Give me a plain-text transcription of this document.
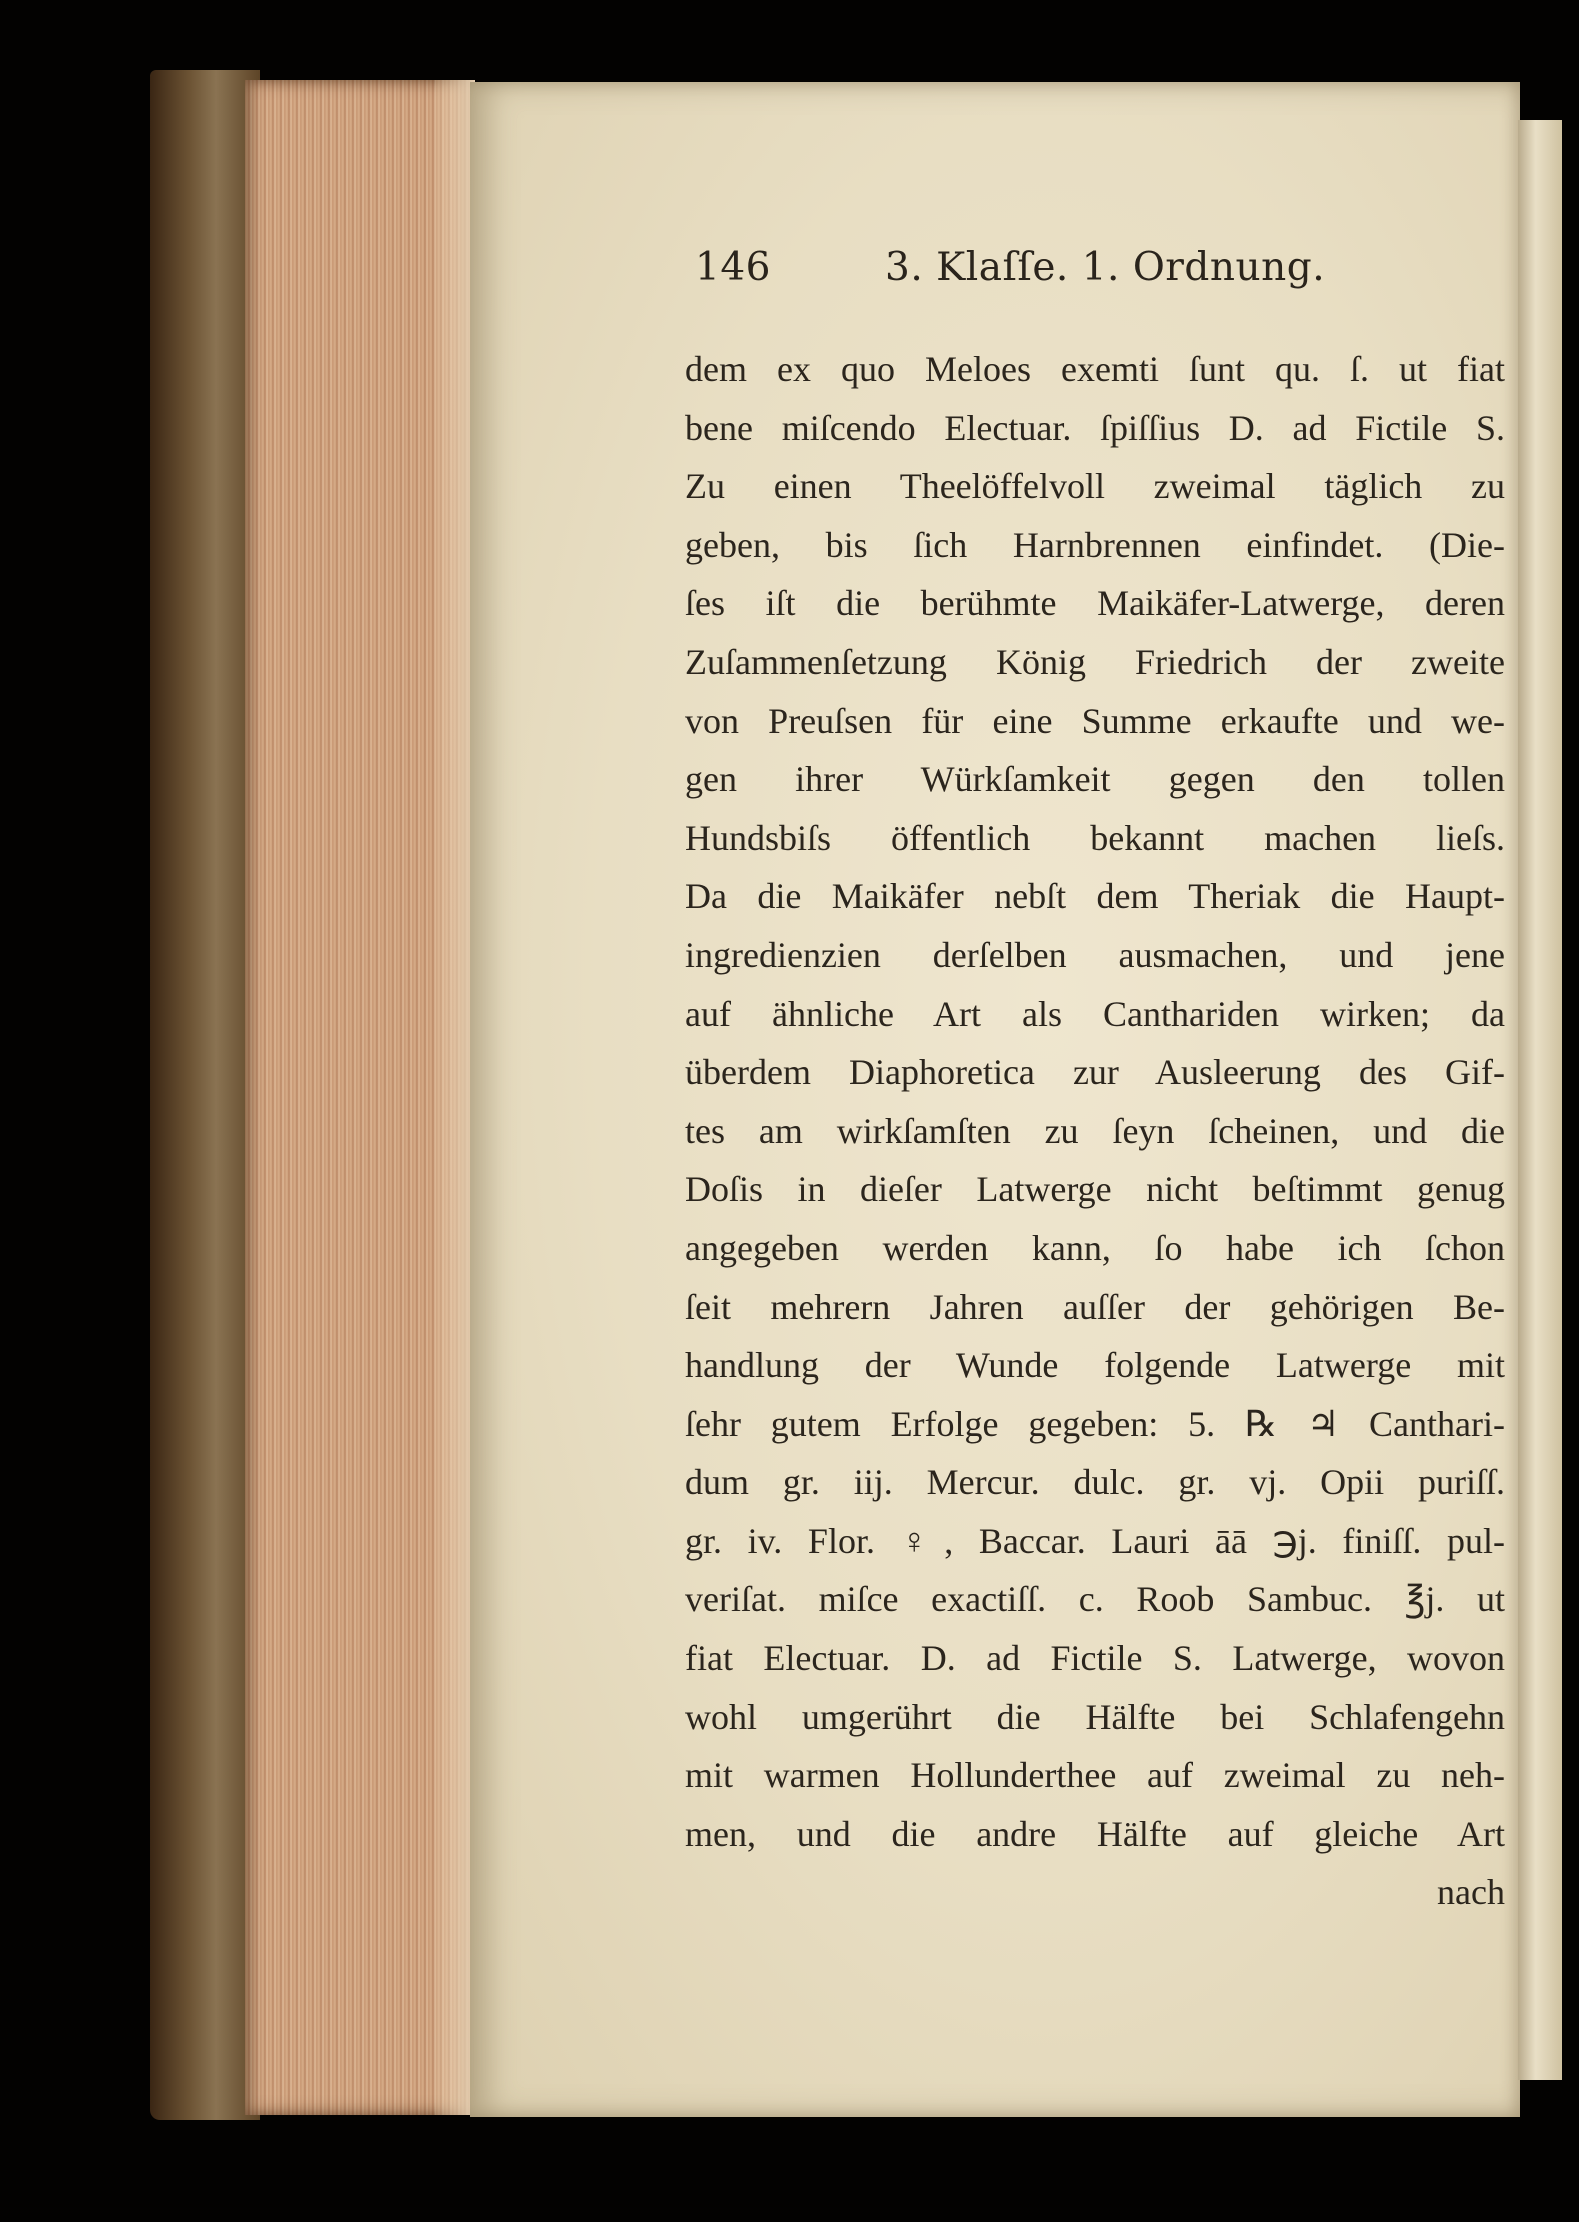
146	3. Klaſſe. 1. Ordnung.
dem ex quo Meloes exemti ſunt qu. ſ. ut fiat
bene miſcendo Electuar. ſpiſſius D. ad Fictile S.
Zu einen Theelöffelvoll zweimal täglich zu
geben, bis ſich Harnbrennen einfindet. (Die-
ſes iſt die berühmte Maikäfer-Latwerge, deren
Zuſammenſetzung König Friedrich der zweite
von Preuſsen für eine Summe erkaufte und we-
gen ihrer Würkſamkeit gegen den tollen
Hundsbiſs öffentlich bekannt machen lieſs.
Da die Maikäfer nebſt dem Theriak die Haupt-
ingredienzien derſelben ausmachen, und jene
auf ähnliche Art als Canthariden wirken; da
überdem Diaphoretica zur Ausleerung des Gif-
tes am wirkſamſten zu ſeyn ſcheinen, und die
Doſis in dieſer Latwerge nicht beſtimmt genug
angegeben werden kann, ſo habe ich ſchon
ſeit mehrern Jahren auſſer der gehörigen Be-
handlung der Wunde folgende Latwerge mit
ſehr gutem Erfolge gegeben: 5. ℞ ♃ Canthari-
dum gr. iij. Mercur. dulc. gr. vj. Opii puriſſ.
gr. iv. Flor. ♀, Baccar. Lauri āā ℈j. finiſſ. pul-
veriſat. miſce exactiſſ. c. Roob Sambuc. ℥j. ut
fiat Electuar. D. ad Fictile S. Latwerge, wovon
wohl umgerührt die Hälfte bei Schlafengehn
mit warmen Hollunderthee auf zweimal zu neh-
men, und die andre Hälfte auf gleiche Art
nach
